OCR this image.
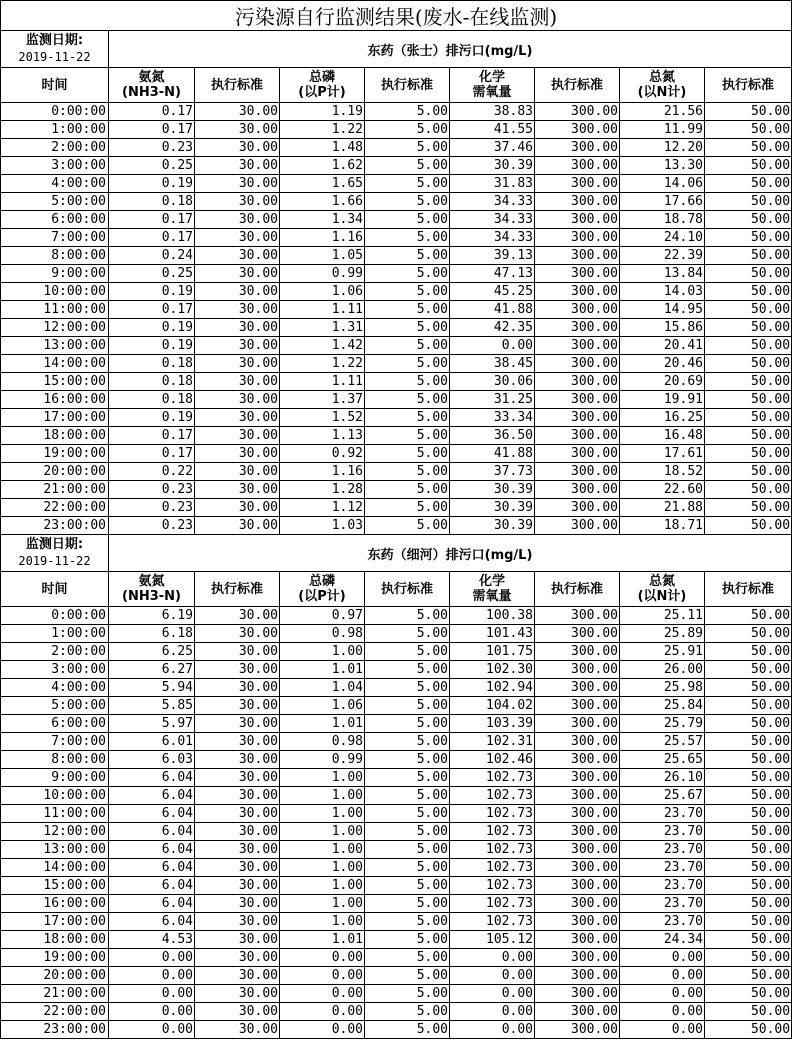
污染源自行监测结果(废水-在线监测)								
监测日期:
2019-11-22	东药（张士）排污口(mg/L)							
时间	氨氮
(NH3-N)	执行标准	总磷
(以P计)	执行标准	化学
需氧量	执行标准	总氮
(以N计)	执行标准
0:00:00	0.17	30.00	1.19	5.00	38.83	300.00	21.56	50.00
1:00:00	0.17	30.00	1.22	5.00	41.55	300.00	11.99	50.00
2:00:00	0.23	30.00	1.48	5.00	37.46	300.00	12.20	50.00
3:00:00	0.25	30.00	1.62	5.00	30.39	300.00	13.30	50.00
4:00:00	0.19	30.00	1.65	5.00	31.83	300.00	14.06	50.00
5:00:00	0.18	30.00	1.66	5.00	34.33	300.00	17.66	50.00
6:00:00	0.17	30.00	1.34	5.00	34.33	300.00	18.78	50.00
7:00:00	0.17	30.00	1.16	5.00	34.33	300.00	24.10	50.00
8:00:00	0.24	30.00	1.05	5.00	39.13	300.00	22.39	50.00
9:00:00	0.25	30.00	0.99	5.00	47.13	300.00	13.84	50.00
10:00:00	0.19	30.00	1.06	5.00	45.25	300.00	14.03	50.00
11:00:00	0.17	30.00	1.11	5.00	41.88	300.00	14.95	50.00
12:00:00	0.19	30.00	1.31	5.00	42.35	300.00	15.86	50.00
13:00:00	0.19	30.00	1.42	5.00	0.00	300.00	20.41	50.00
14:00:00	0.18	30.00	1.22	5.00	38.45	300.00	20.46	50.00
15:00:00	0.18	30.00	1.11	5.00	30.06	300.00	20.69	50.00
16:00:00	0.18	30.00	1.37	5.00	31.25	300.00	19.91	50.00
17:00:00	0.19	30.00	1.52	5.00	33.34	300.00	16.25	50.00
18:00:00	0.17	30.00	1.13	5.00	36.50	300.00	16.48	50.00
19:00:00	0.17	30.00	0.92	5.00	41.88	300.00	17.61	50.00
20:00:00	0.22	30.00	1.16	5.00	37.73	300.00	18.52	50.00
21:00:00	0.23	30.00	1.28	5.00	30.39	300.00	22.60	50.00
22:00:00	0.23	30.00	1.12	5.00	30.39	300.00	21.88	50.00
23:00:00	0.23	30.00	1.03	5.00	30.39	300.00	18.71	50.00
监测日期:
2019-11-22	东药（细河）排污口(mg/L)							
时间	氨氮
(NH3-N)	执行标准	总磷
(以P计)	执行标准	化学
需氧量	执行标准	总氮
(以N计)	执行标准
0:00:00	6.19	30.00	0.97	5.00	100.38	300.00	25.11	50.00
1:00:00	6.18	30.00	0.98	5.00	101.43	300.00	25.89	50.00
2:00:00	6.25	30.00	1.00	5.00	101.75	300.00	25.91	50.00
3:00:00	6.27	30.00	1.01	5.00	102.30	300.00	26.00	50.00
4:00:00	5.94	30.00	1.04	5.00	102.94	300.00	25.98	50.00
5:00:00	5.85	30.00	1.06	5.00	104.02	300.00	25.84	50.00
6:00:00	5.97	30.00	1.01	5.00	103.39	300.00	25.79	50.00
7:00:00	6.01	30.00	0.98	5.00	102.31	300.00	25.57	50.00
8:00:00	6.03	30.00	0.99	5.00	102.46	300.00	25.65	50.00
9:00:00	6.04	30.00	1.00	5.00	102.73	300.00	26.10	50.00
10:00:00	6.04	30.00	1.00	5.00	102.73	300.00	25.67	50.00
11:00:00	6.04	30.00	1.00	5.00	102.73	300.00	23.70	50.00
12:00:00	6.04	30.00	1.00	5.00	102.73	300.00	23.70	50.00
13:00:00	6.04	30.00	1.00	5.00	102.73	300.00	23.70	50.00
14:00:00	6.04	30.00	1.00	5.00	102.73	300.00	23.70	50.00
15:00:00	6.04	30.00	1.00	5.00	102.73	300.00	23.70	50.00
16:00:00	6.04	30.00	1.00	5.00	102.73	300.00	23.70	50.00
17:00:00	6.04	30.00	1.00	5.00	102.73	300.00	23.70	50.00
18:00:00	4.53	30.00	1.01	5.00	105.12	300.00	24.34	50.00
19:00:00	0.00	30.00	0.00	5.00	0.00	300.00	0.00	50.00
20:00:00	0.00	30.00	0.00	5.00	0.00	300.00	0.00	50.00
21:00:00	0.00	30.00	0.00	5.00	0.00	300.00	0.00	50.00
22:00:00	0.00	30.00	0.00	5.00	0.00	300.00	0.00	50.00
23:00:00	0.00	30.00	0.00	5.00	0.00	300.00	0.00	50.00
